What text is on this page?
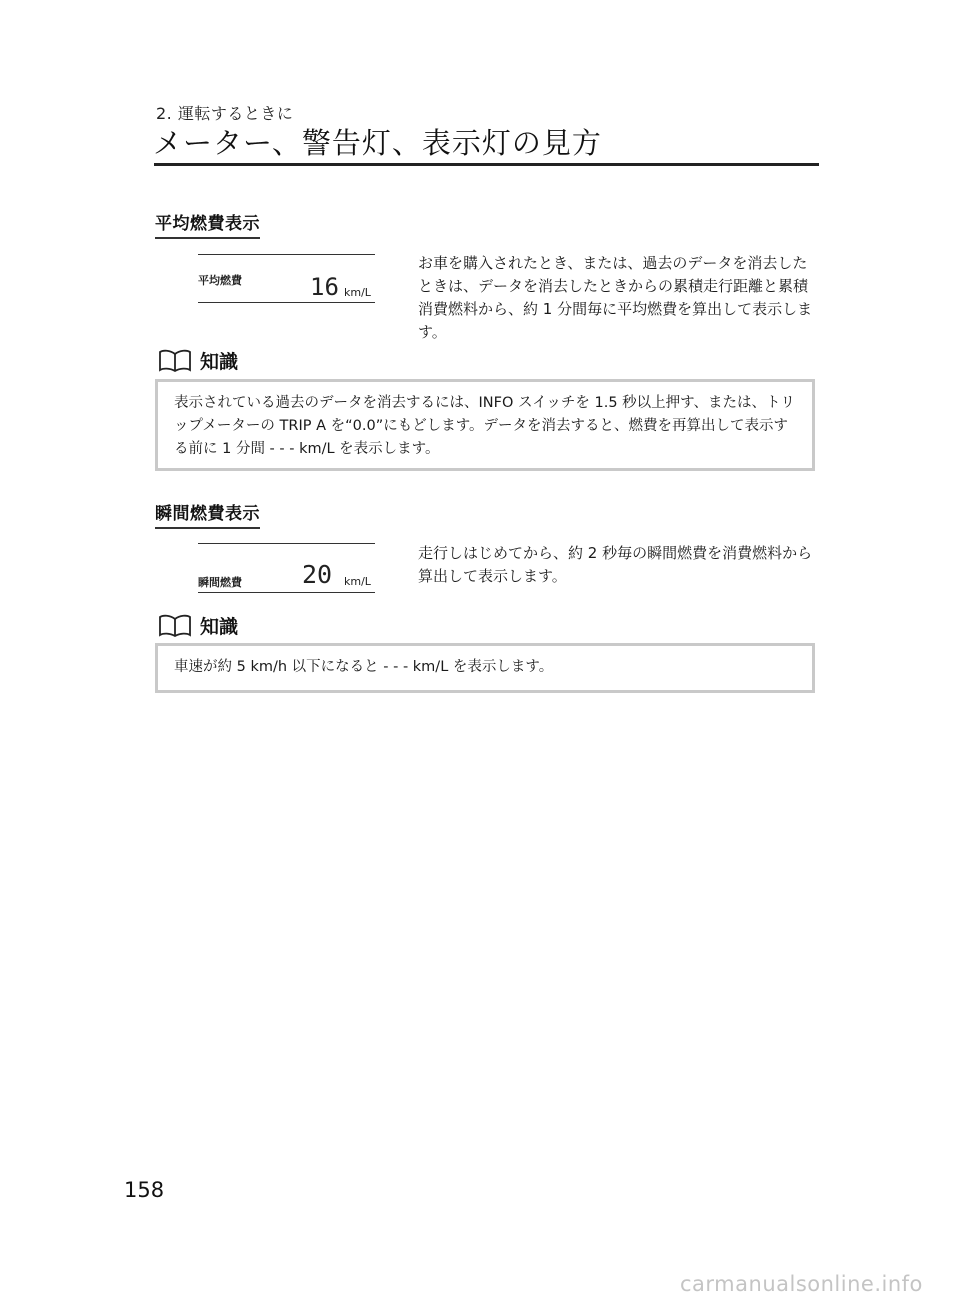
2. 運転するときに
メーター、警告灯、表示灯の見方
平均燃費表示
平均燃費	16 km/L
お車を購入されたとき、または、過去のデータを消去したときは、データを消去したときからの累積走行距離と累積消費燃料から、約 1 分間毎に平均燃費を算出して表示します。
知識
表示されている過去のデータを消去するには、INFO スイッチを 1.5 秒以上押す、または、トリップメーターの TRIP A を“0.0”にもどします。データを消去すると、燃費を再算出して表示する前に 1 分間 - - - km/L を表示します。
瞬間燃費表示
瞬間燃費 20 km/L
走行しはじめてから、約 2 秒毎の瞬間燃費を消費燃料から算出して表示します。
知識
車速が約 5 km/h 以下になると - - - km/L を表示します。
158
carmanualsonline.info
